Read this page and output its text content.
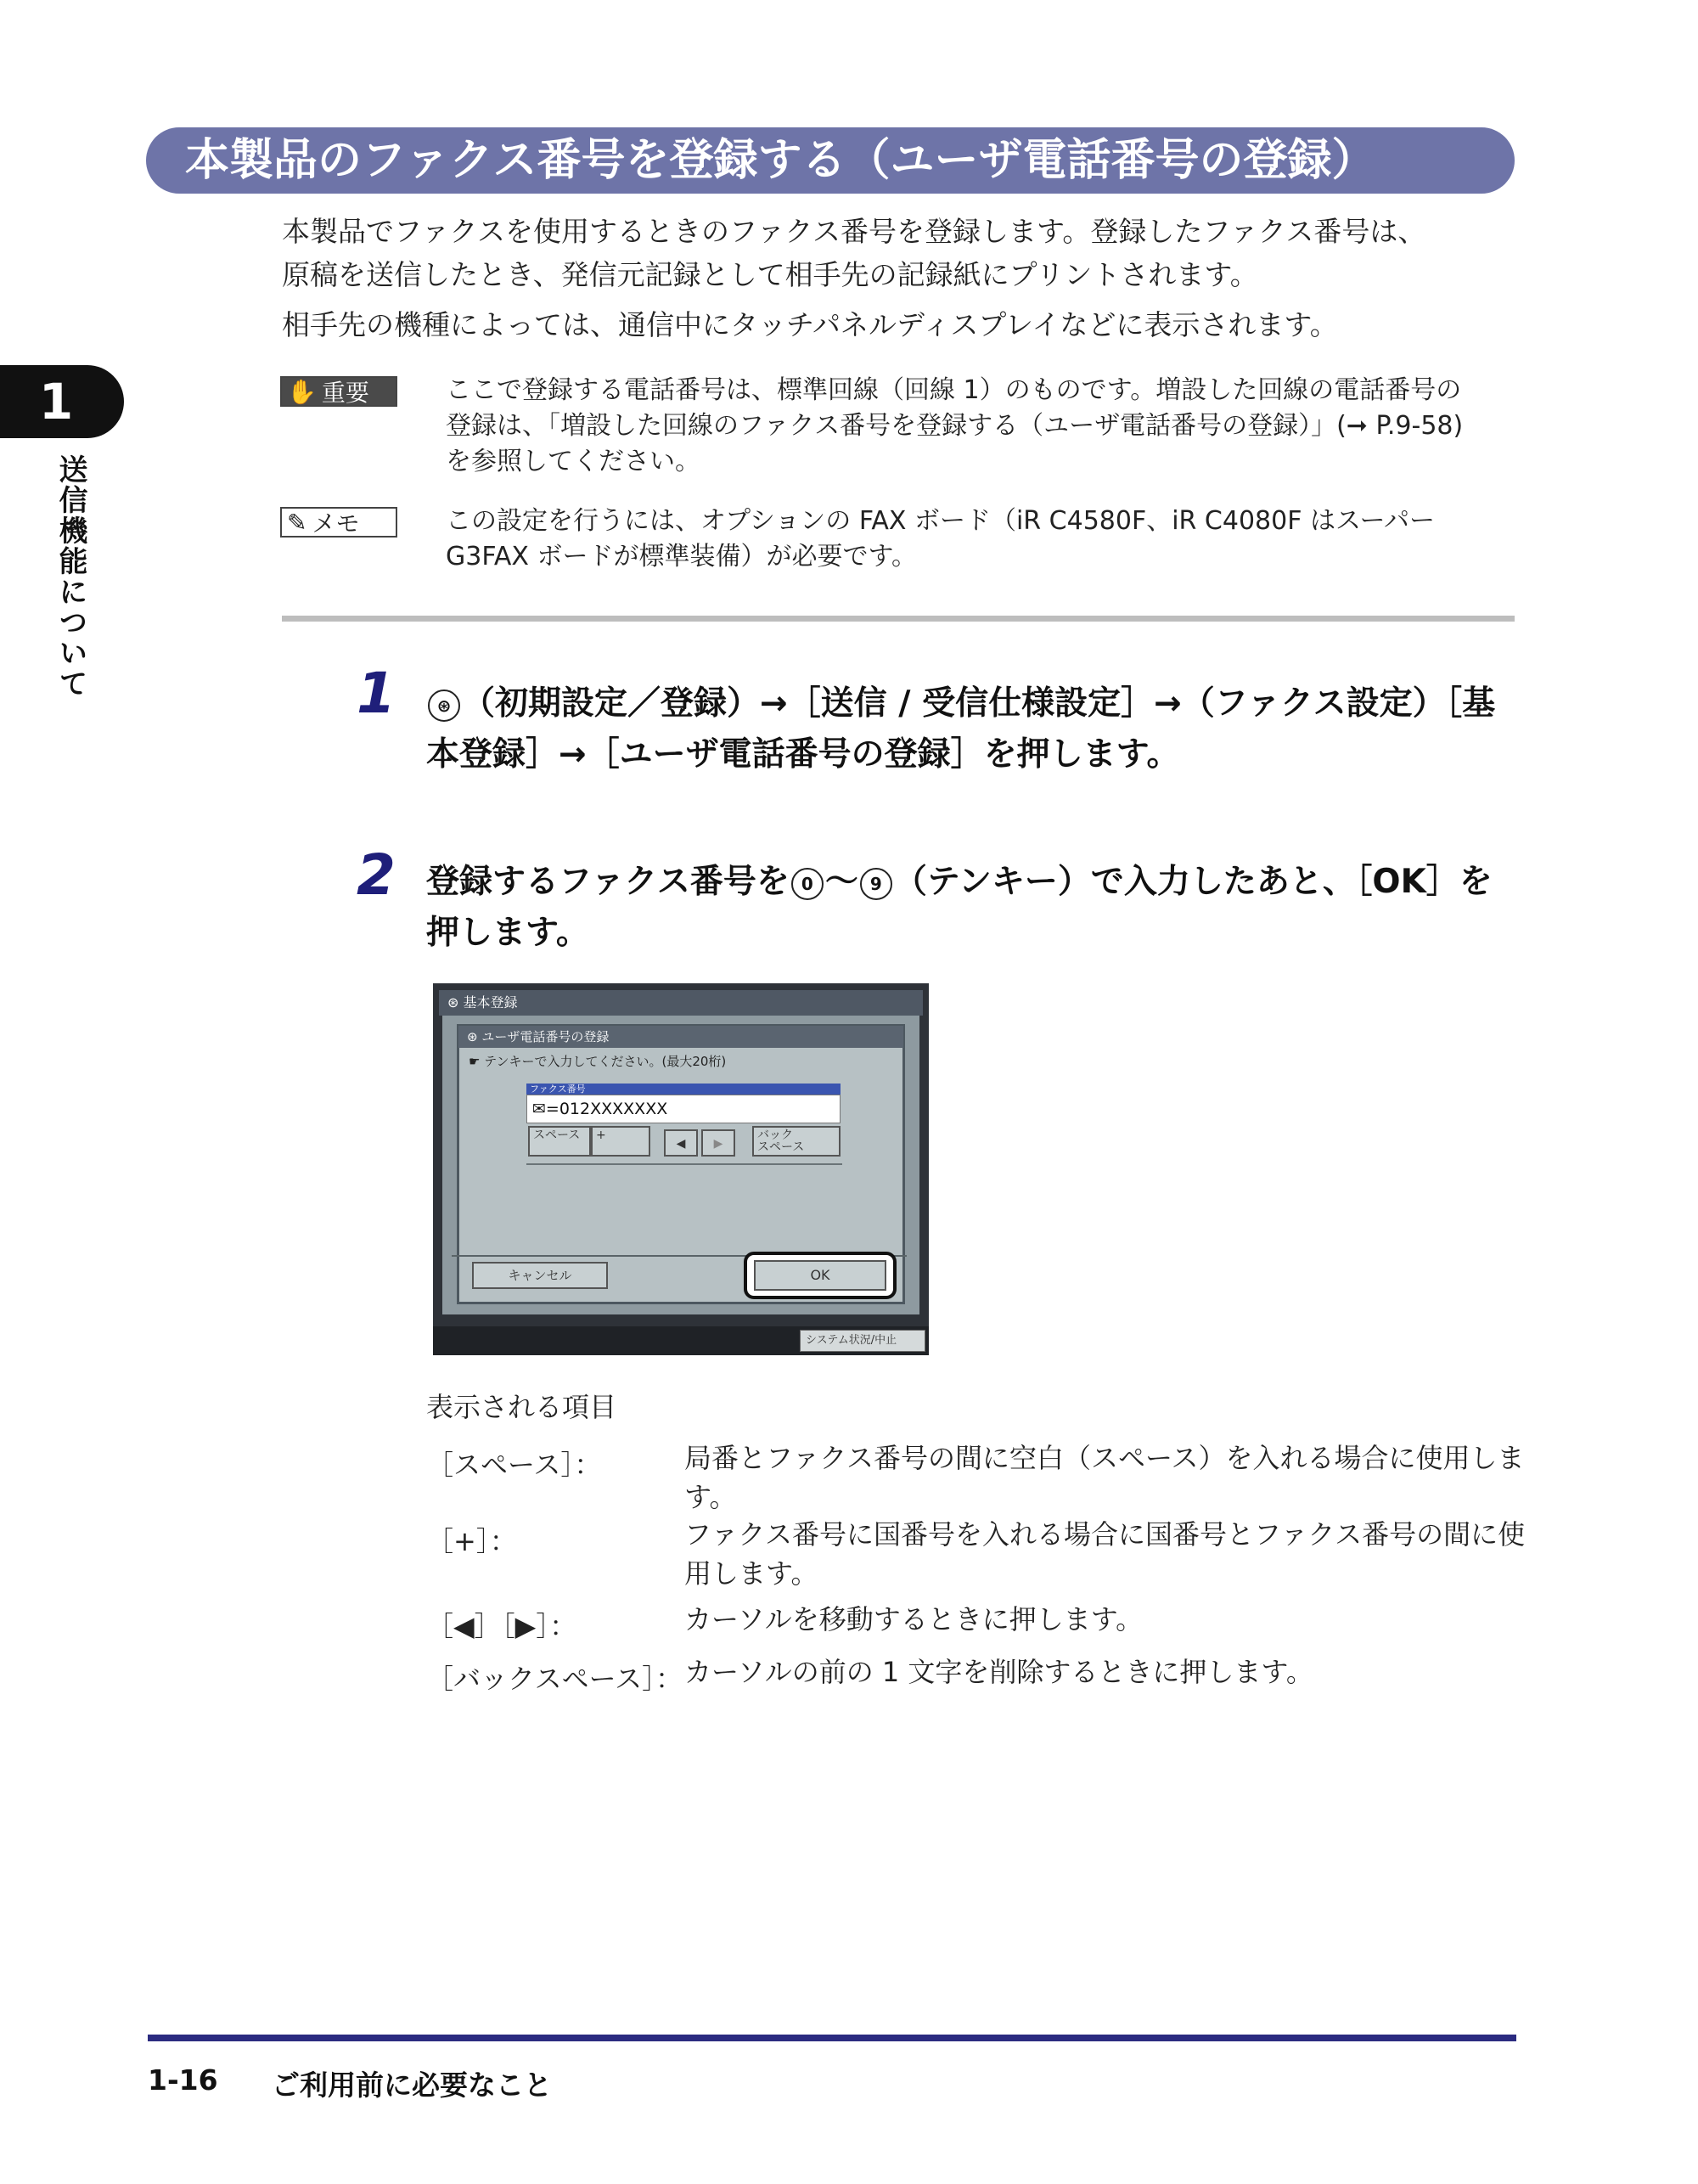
本製品のファクス番号を登録する（ユーザ電話番号の登録）
本製品でファクスを使用するときのファクス番号を登録します。登録したファクス番号は、
原稿を送信したとき、発信元記録として相手先の記録紙にプリントされます。
相手先の機種によっては、通信中にタッチパネルディスプレイなどに表示されます。
1
送信機能について
✋ 重要	ここで登録する電話番号は、標準回線（回線 1）のものです。増設した回線の電話番号の
登録は、「増設した回線のファクス番号を登録する（ユーザ電話番号の登録）」(➞ P.9-58)
を参照してください。
✎ メモ	この設定を行うには、オプションの FAX ボード（iR C4580F、iR C4080F はスーパー
G3FAX ボードが標準装備）が必要です。
1	⊛ （初期設定／登録）→［送信 / 受信仕様設定］→（ファクス設定）［基
本登録］→［ユーザ電話番号の登録］を押します。
2 登録するファクス番号を 0 〜 9 （テンキー）で入力したあと、［OK］を
押します。
⊛ 基本登録
⊛ ユーザ電話番号の登録
☛ テンキーで入力してください。(最大20桁)
ファクス番号
✉=012XXXXXXX
スペース	+
◀	▶
バック
スペース
キャンセル	OK
システム状況/中止
表示される項目
［スペース］：	局番とファクス番号の間に空白（スペース）を入れる場合に使用しま
す。
［+］：	ファクス番号に国番号を入れる場合に国番号とファクス番号の間に使
用します。
［◀］［▶］：	カーソルを移動するときに押します。
［バックスペース］： カーソルの前の 1 文字を削除するときに押します。
1-16 ご利用前に必要なこと
